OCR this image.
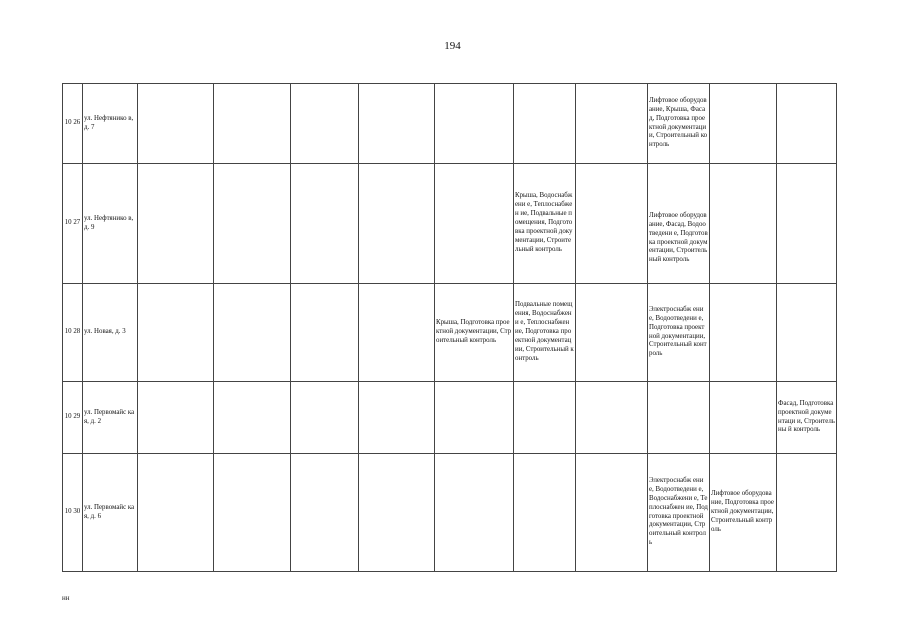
194
10 26	ул. Нефтянико в, д. 7								Лифтовое оборудование, Крыша, Фасад, Подготовка проектной документации, Строительный контроль		
10 27	ул. Нефтянико в, д. 9						Крыша, Водоснабжени е, Теплоснабжен ие, Подвальные помещения, Подготовка проектной документации, Строительный контроль		Лифтовое оборудование, Фасад, Водоотведени е, Подготовка проектной документации, Строительный контроль		
10 28	ул. Новая, д. 3					Крыша, Подготовка проектной документации, Строительный контроль	Подвальные помещения, Водоснабжени е, Теплоснабжен ие, Подготовка проектной документации, Строительный контроль		Электроснабж ение, Водоотведени е, Подготовка проектной документации, Строительный контроль		
10 29	ул. Первомайс кая, д. 2										Фасад, Подготовка проектной документаци и, Строительны й контроль
10 30	ул. Первомайс кая, д. 6								Электроснабж ение, Водоотведени е, Водоснабжени е, Теплоснабжен ие, Подготовка проектной документации, Строительный контроль	Лифтовое оборудование, Подготовка проектной документации, Строительный контроль	
нн
